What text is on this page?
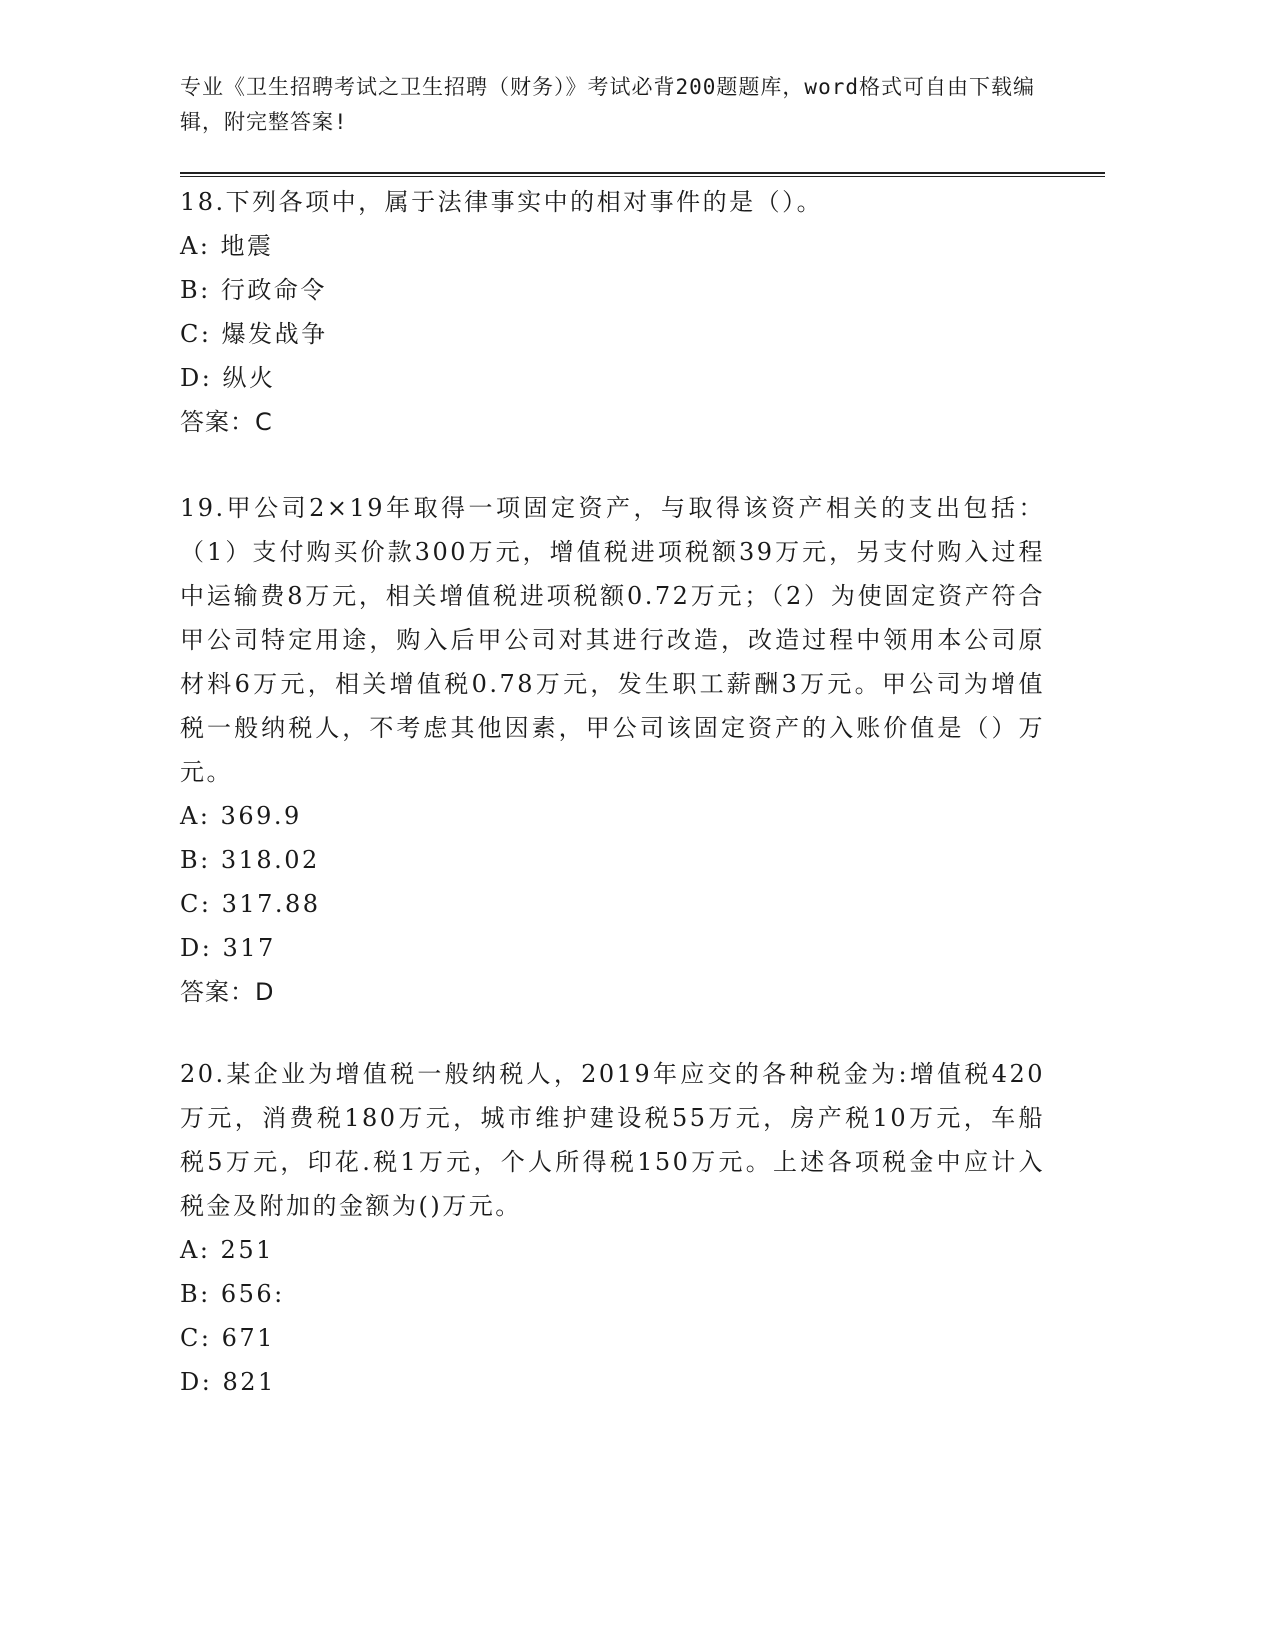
专业《卫生招聘考试之卫生招聘（财务）》考试必背200题题库，word格式可自由下载编辑，附完整答案!

18.下列各项中，属于法律事实中的相对事件的是（）。

A: 地震

B: 行政命令

C: 爆发战争

D: 纵火

答案：C

19.甲公司2×19年取得一项固定资产，与取得该资产相关的支出包括：（1）支付购买价款300万元，增值税进项税额39万元，另支付购入过程中运输费8万元，相关增值税进项税额0.72万元；（2）为使固定资产符合甲公司特定用途，购入后甲公司对其进行改造，改造过程中领用本公司原材料6万元，相关增值税0.78万元，发生职工薪酬3万元。甲公司为增值税一般纳税人，不考虑其他因素，甲公司该固定资产的入账价值是（）万元。

A: 369.9

B: 318.02

C: 317.88

D: 317

答案：D

20.某企业为增值税一般纳税人，2019年应交的各种税金为:增值税420万元，消费税180万元，城市维护建设税55万元，房产税10万元，车船税5万元，印花.税1万元，个人所得税150万元。上述各项税金中应计入税金及附加的金额为()万元。

A: 251

B: 656:

C: 671

D: 821
